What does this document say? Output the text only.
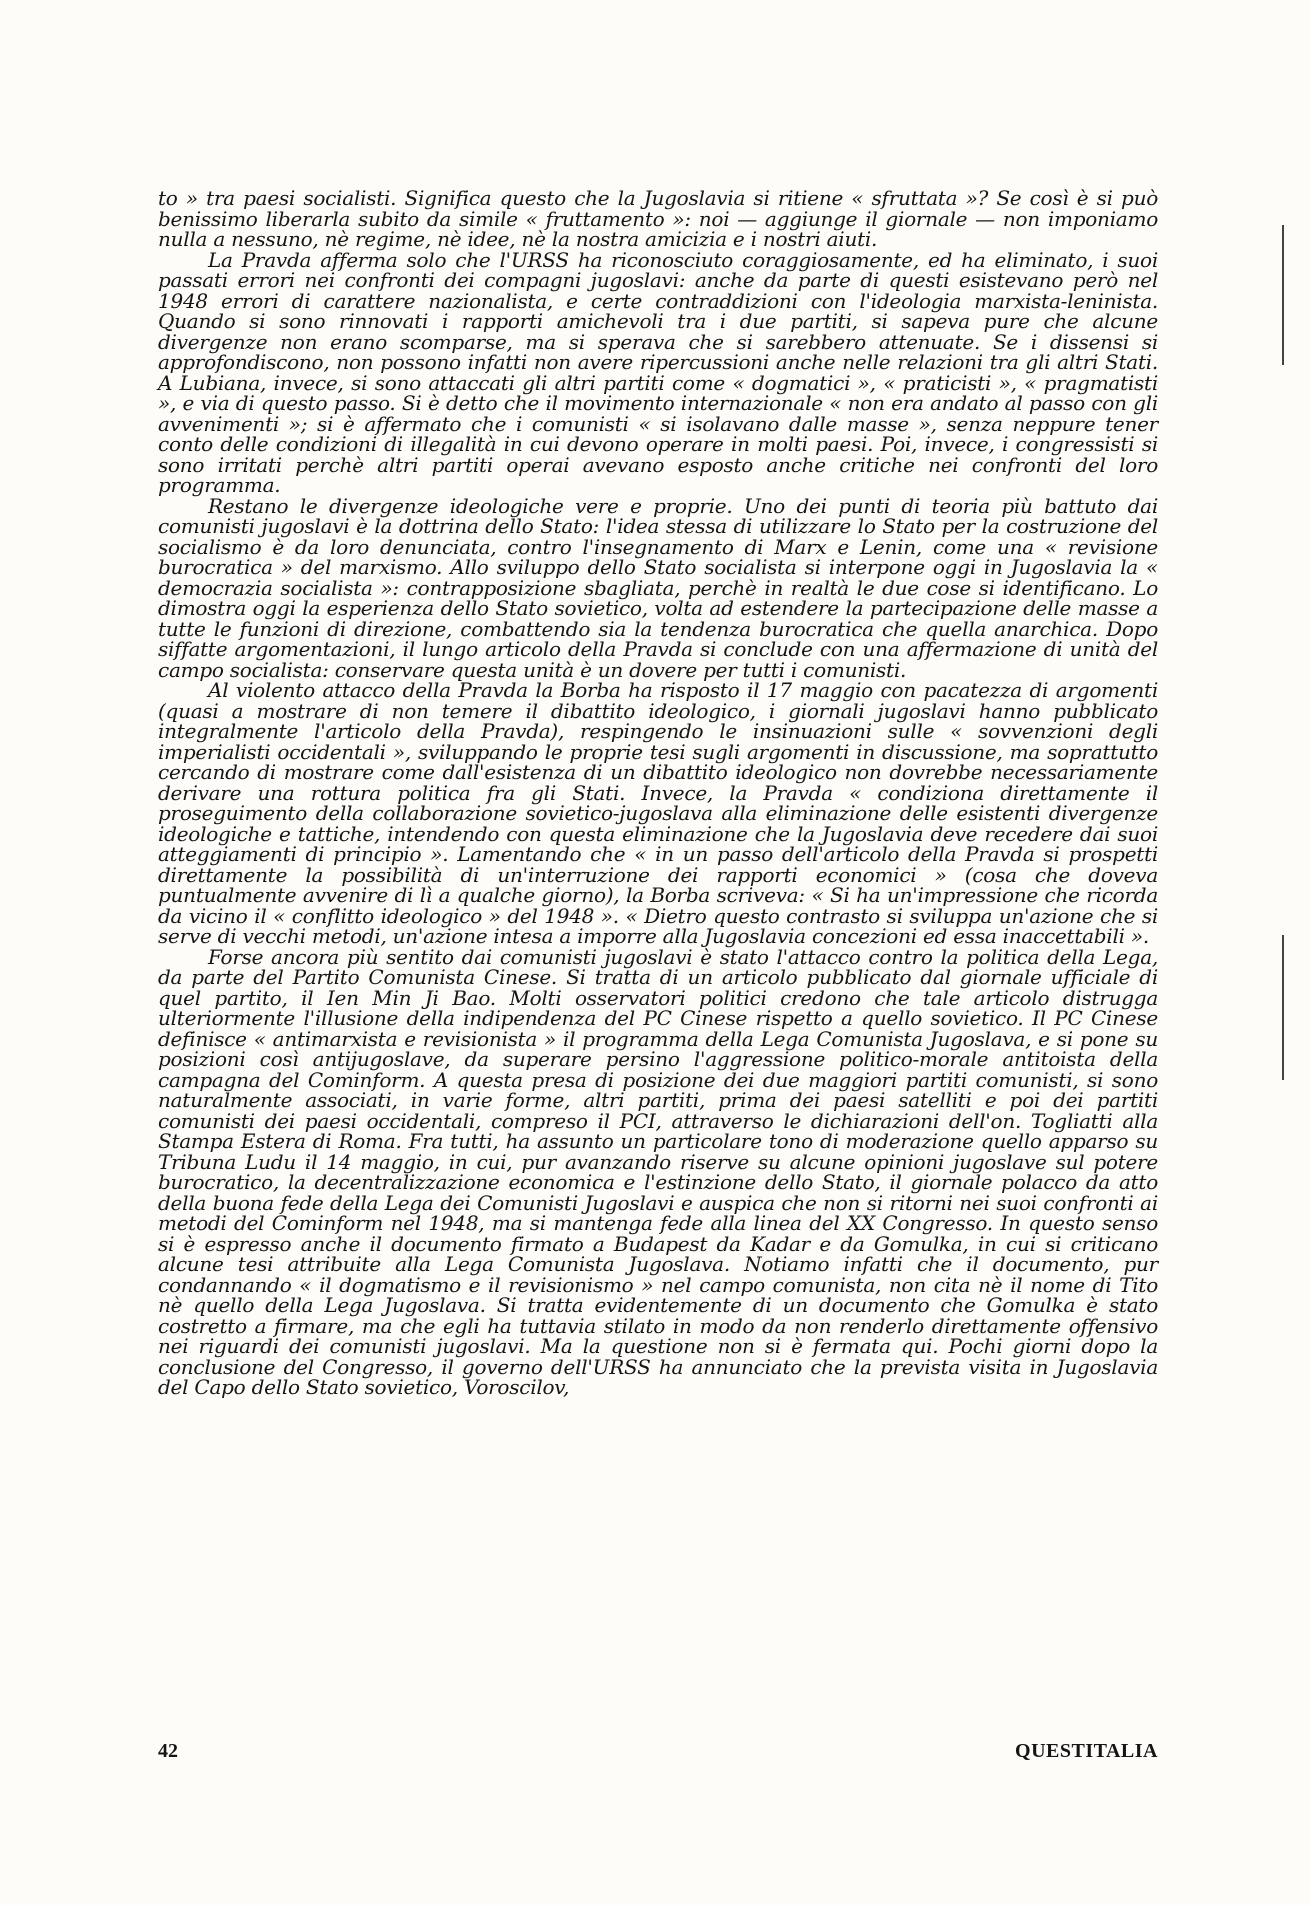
to » tra paesi socialisti. Significa questo che la Jugoslavia si ritiene « sfruttata »? Se così è si può benissimo liberarla subito da simile « fruttamento »: noi — aggiunge il giornale — non imponiamo nulla a nessuno, nè regime, nè idee, nè la nostra amicizia e i nostri aiuti.

La Pravda afferma solo che l'URSS ha riconosciuto coraggiosamente, ed ha eliminato, i suoi passati errori nei confronti dei compagni jugoslavi: anche da parte di questi esistevano però nel 1948 errori di carattere nazionalista, e certe contraddizioni con l'ideologia marxista-leninista. Quando si sono rinnovati i rapporti amichevoli tra i due partiti, si sapeva pure che alcune divergenze non erano scomparse, ma si sperava che si sarebbero attenuate. Se i dissensi si approfondiscono, non possono infatti non avere ripercussioni anche nelle relazioni tra gli altri Stati. A Lubiana, invece, si sono attaccati gli altri partiti come « dogmatici », « praticisti », « pragmatisti », e via di questo passo. Si è detto che il movimento internazionale « non era andato al passo con gli avvenimenti »; si è affermato che i comunisti « si isolavano dalle masse », senza neppure tener conto delle condizioni di illegalità in cui devono operare in molti paesi. Poi, invece, i congressisti si sono irritati perchè altri partiti operai avevano esposto anche critiche nei confronti del loro programma.

Restano le divergenze ideologiche vere e proprie. Uno dei punti di teoria più battuto dai comunisti jugoslavi è la dottrina dello Stato: l'idea stessa di utilizzare lo Stato per la costruzione del socialismo è da loro denunciata, contro l'insegnamento di Marx e Lenin, come una « revisione burocratica » del marxismo. Allo sviluppo dello Stato socialista si interpone oggi in Jugoslavia la « democrazia socialista »: contrapposizione sbagliata, perchè in realtà le due cose si identificano. Lo dimostra oggi la esperienza dello Stato sovietico, volta ad estendere la partecipazione delle masse a tutte le funzioni di direzione, combattendo sia la tendenza burocratica che quella anarchica. Dopo siffatte argomentazioni, il lungo articolo della Pravda si conclude con una affermazione di unità del campo socialista: conservare questa unità è un dovere per tutti i comunisti.

Al violento attacco della Pravda la Borba ha risposto il 17 maggio con pacatezza di argomenti (quasi a mostrare di non temere il dibattito ideologico, i giornali jugoslavi hanno pubblicato integralmente l'articolo della Pravda), respingendo le insinuazioni sulle « sovvenzioni degli imperialisti occidentali », sviluppando le proprie tesi sugli argomenti in discussione, ma soprattutto cercando di mostrare come dall'esistenza di un dibattito ideologico non dovrebbe necessariamente derivare una rottura politica fra gli Stati. Invece, la Pravda « condiziona direttamente il proseguimento della collaborazione sovietico-jugoslava alla eliminazione delle esistenti divergenze ideologiche e tattiche, intendendo con questa eliminazione che la Jugoslavia deve recedere dai suoi atteggiamenti di principio ». Lamentando che « in un passo dell'articolo della Pravda si prospetti direttamente la possibilità di un'interruzione dei rapporti economici » (cosa che doveva puntualmente avvenire di lì a qualche giorno), la Borba scriveva: « Si ha un'impressione che ricorda da vicino il « conflitto ideologico » del 1948 ». « Dietro questo contrasto si sviluppa un'azione che si serve di vecchi metodi, un'azione intesa a imporre alla Jugoslavia concezioni ed essa inaccettabili ».

Forse ancora più sentito dai comunisti jugoslavi è stato l'attacco contro la politica della Lega, da parte del Partito Comunista Cinese. Si tratta di un articolo pubblicato dal giornale ufficiale di quel partito, il Ien Min Ji Bao. Molti osservatori politici credono che tale articolo distrugga ulteriormente l'illusione della indipendenza del PC Cinese rispetto a quello sovietico. Il PC Cinese definisce « antimarxista e revisionista » il programma della Lega Comunista Jugoslava, e si pone su posizioni così antijugoslave, da superare persino l'aggressione politico-morale antitoista della campagna del Cominform. A questa presa di posizione dei due maggiori partiti comunisti, si sono naturalmente associati, in varie forme, altri partiti, prima dei paesi satelliti e poi dei partiti comunisti dei paesi occidentali, compreso il PCI, attraverso le dichiarazioni dell'on. Togliatti alla Stampa Estera di Roma. Fra tutti, ha assunto un particolare tono di moderazione quello apparso su Tribuna Ludu il 14 maggio, in cui, pur avanzando riserve su alcune opinioni jugoslave sul potere burocratico, la decentralizzazione economica e l'estinzione dello Stato, il giornale polacco da atto della buona fede della Lega dei Comunisti Jugoslavi e auspica che non si ritorni nei suoi confronti ai metodi del Cominform nel 1948, ma si mantenga fede alla linea del XX Congresso. In questo senso si è espresso anche il documento firmato a Budapest da Kadar e da Gomulka, in cui si criticano alcune tesi attribuite alla Lega Comunista Jugoslava. Notiamo infatti che il documento, pur condannando « il dogmatismo e il revisionismo » nel campo comunista, non cita nè il nome di Tito nè quello della Lega Jugoslava. Si tratta evidentemente di un documento che Gomulka è stato costretto a firmare, ma che egli ha tuttavia stilato in modo da non renderlo direttamente offensivo nei riguardi dei comunisti jugoslavi. Ma la questione non si è fermata qui. Pochi giorni dopo la conclusione del Congresso, il governo dell'URSS ha annunciato che la prevista visita in Jugoslavia del Capo dello Stato sovietico, Voroscilov,

42	QUESTITALIA
